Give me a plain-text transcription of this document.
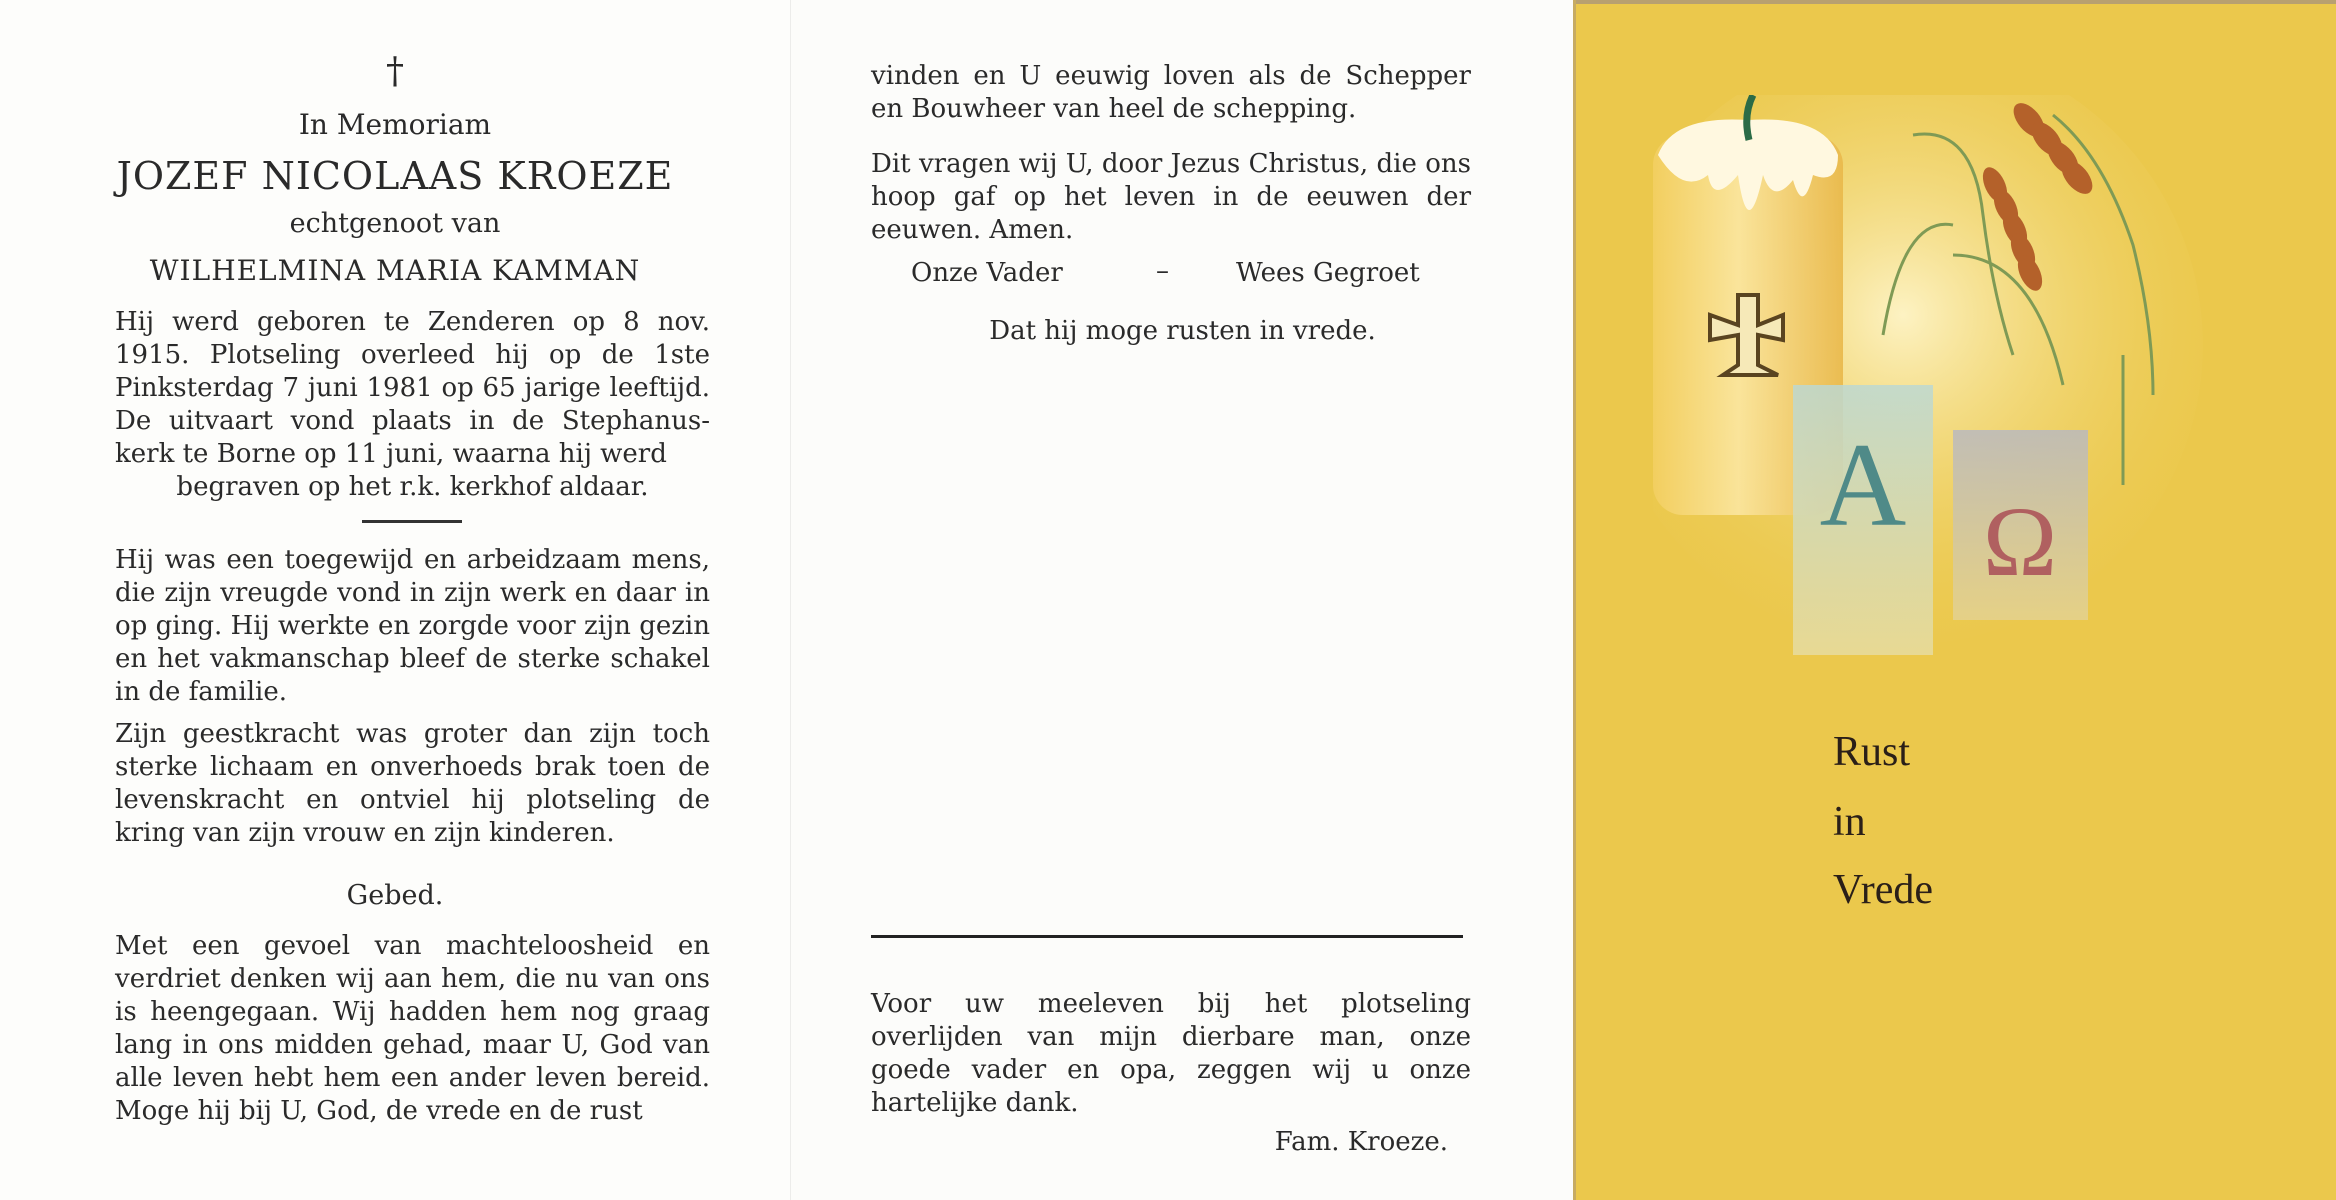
†

In Memoriam

JOZEF NICOLAAS KROEZE

echtgenoot van

WILHELMINA MARIA KAMMAN

Hij werd geboren te Zenderen op 8 nov. 1915. Plotseling overleed hij op de 1ste Pinksterdag 7 juni 1981 op 65 jarige leeftijd. De uitvaart vond plaats in de Stephanus-kerk te Borne op 11 juni, waarna hij werd

begraven op het r.k. kerkhof aldaar.

Hij was een toegewijd en arbeidzaam mens, die zijn vreugde vond in zijn werk en daar in op ging. Hij werkte en zorgde voor zijn gezin en het vakmanschap bleef de sterke schakel in de familie.

Zijn geestkracht was groter dan zijn toch sterke lichaam en onverhoeds brak toen de levenskracht en ontviel hij plotseling de kring van zijn vrouw en zijn kinderen.

Gebed.

Met een gevoel van machteloosheid en verdriet denken wij aan hem, die nu van ons is heengegaan. Wij hadden hem nog graag lang in ons midden gehad, maar U, God van alle leven hebt hem een ander leven bereid. Moge hij bij U, God, de vrede en de rust

vinden en U eeuwig loven als de Schepper en Bouwheer van heel de schepping.

Dit vragen wij U, door Jezus Christus, die ons hoop gaf op het leven in de eeuwen der eeuwen. Amen.

Onze Vader	–	Wees Gegroet

Dat hij moge rusten in vrede.

Voor uw meeleven bij het plotseling overlijden van mijn dierbare man, onze goede vader en opa, zeggen wij u onze hartelijke dank.

Fam. Kroeze.

A Ω

Rust

in

Vrede
